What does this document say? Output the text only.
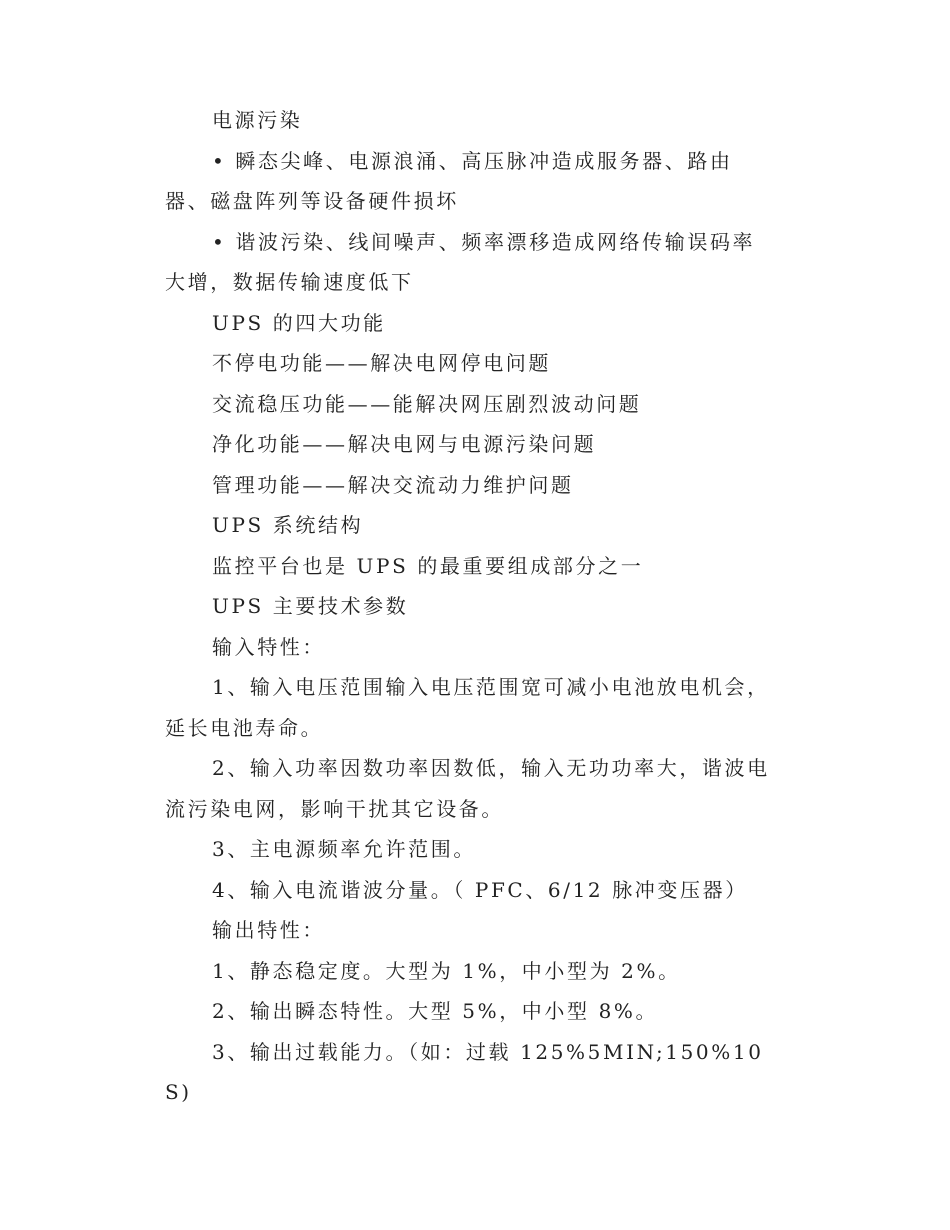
电源污染

• 瞬态尖峰、电源浪涌、高压脉冲造成服务器、路由器、磁盘阵列等设备硬件损坏

• 谐波污染、线间噪声、频率漂移造成网络传输误码率大增，数据传输速度低下

UPS 的四大功能

不停电功能——解决电网停电问题

交流稳压功能——能解决网压剧烈波动问题

净化功能——解决电网与电源污染问题

管理功能——解决交流动力维护问题

UPS 系统结构

监控平台也是 UPS 的最重要组成部分之一

UPS 主要技术参数

输入特性：

1、输入电压范围输入电压范围宽可减小电池放电机会，延长电池寿命。

2、输入功率因数功率因数低，输入无功功率大，谐波电流污染电网，影响干扰其它设备。

3、主电源频率允许范围。

4、输入电流谐波分量。（ PFC、6/12 脉冲变压器）

输出特性：

1、静态稳定度。大型为 1%，中小型为 2%。

2、输出瞬态特性。大型 5%，中小型 8%。

3、输出过载能力。（如：过载 125%5MIN;150%10S)
